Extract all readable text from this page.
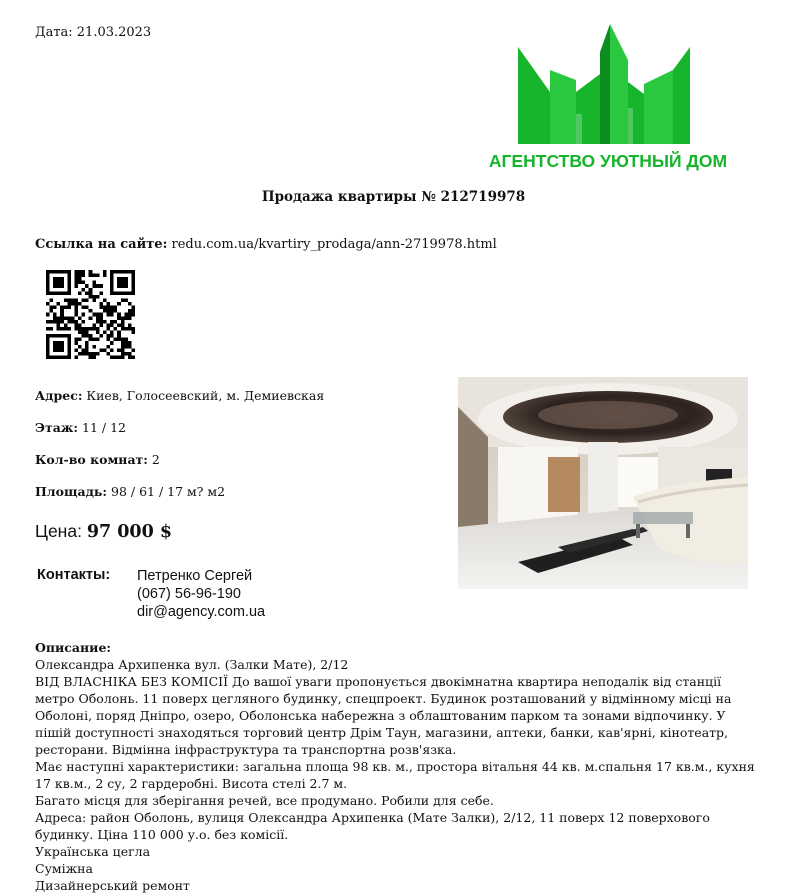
Дата: 21.03.2023
АГЕНТСТВО УЮТНЫЙ ДОМ
Продажа квартиры № 212719978
Ссылка на сайте: redu.com.ua/kvartiry_prodaga/ann-2719978.html
Адрес: Киев, Голосеевский, м. Демиевская
Этаж: 11 / 12
Кол-во комнат: 2
Площадь: 98 / 61 / 17 м? м2
Цена: 97 000 $
Контакты: Петренко Сергей
(067) 56-96-190
dir@agency.com.ua
Описание:
Олександра Архипенка вул. (Залки Мате), 2/12
ВІД ВЛАСНІКА БЕЗ КОМІСІЇ До вашої уваги пропонується двокімнатна квартира неподалік від станції метро Оболонь. 11 поверх цегляного будинку, спецпроект. Будинок розташований у відмінному місці на Оболоні, поряд Дніпро, озеро, Оболонська набережна з облаштованим парком та зонами відпочинку. У пішій доступності знаходяться торговий центр Дрім Таун, магазини, аптеки, банки, кав'ярні, кінотеатр, ресторани. Відмінна інфраструктура та транспортна розв'язка.
Має наступні характеристики: загальна площа 98 кв. м., простора вітальня 44 кв. м.спальня 17 кв.м., кухня 17 кв.м., 2 су, 2 гардеробні. Висота стелі 2.7 м.
Багато місця для зберігання речей, все продумано. Робили для себе.
Адреса: район Оболонь, вулиця Олександра Архипенка (Мате Залки), 2/12, 11 поверх 12 поверхового будинку. Ціна 110 000 у.о. без комісії.
Українська цегла
Суміжна
Дизайнерський ремонт
